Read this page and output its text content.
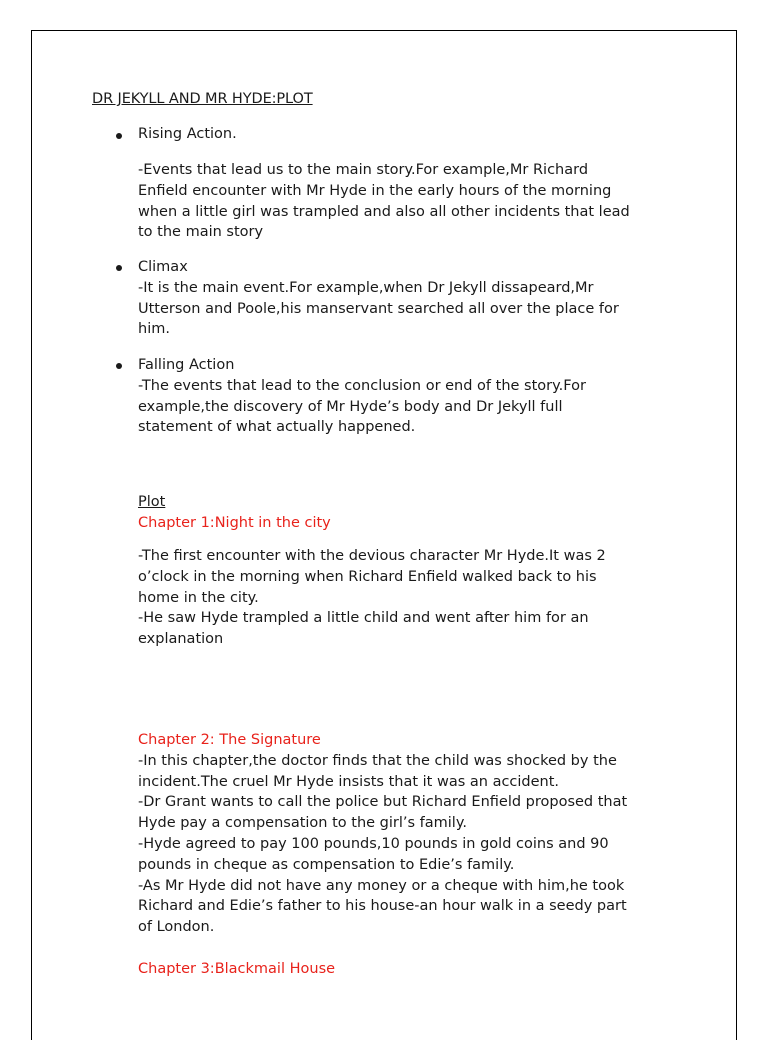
DR JEKYLL AND MR HYDE:PLOT
Rising Action.
-Events that lead us to the main story.For example,Mr Richard
Enfield encounter with Mr Hyde in the early hours of the morning
when a little girl was trampled and also all other incidents that lead
to the main story
Climax
-It is the main event.For example,when Dr Jekyll dissapeard,Mr
Utterson and Poole,his manservant searched all over the place for
him.
Falling Action
-The events that lead to the conclusion or end of the story.For
example,the discovery of Mr Hyde’s body and Dr Jekyll full
statement of what actually happened.
Plot
Chapter 1:Night in the city
-The first encounter with the devious character Mr Hyde.It was 2
o’clock in the morning when Richard Enfield walked back to his
home in the city.
-He saw Hyde trampled a little child and went after him for an
explanation
Chapter 2: The Signature
-In this chapter,the doctor finds that the child was shocked by the
incident.The cruel Mr Hyde insists that it was an accident.
-Dr Grant wants to call the police but Richard Enfield proposed that
Hyde pay a compensation to the girl’s family.
-Hyde agreed to pay 100 pounds,10 pounds in gold coins and 90
pounds in cheque as compensation to Edie’s family.
-As Mr Hyde did not have any money or a cheque with him,he took
Richard and Edie’s father to his house-an hour walk in a seedy part
of London.
Chapter 3:Blackmail House
